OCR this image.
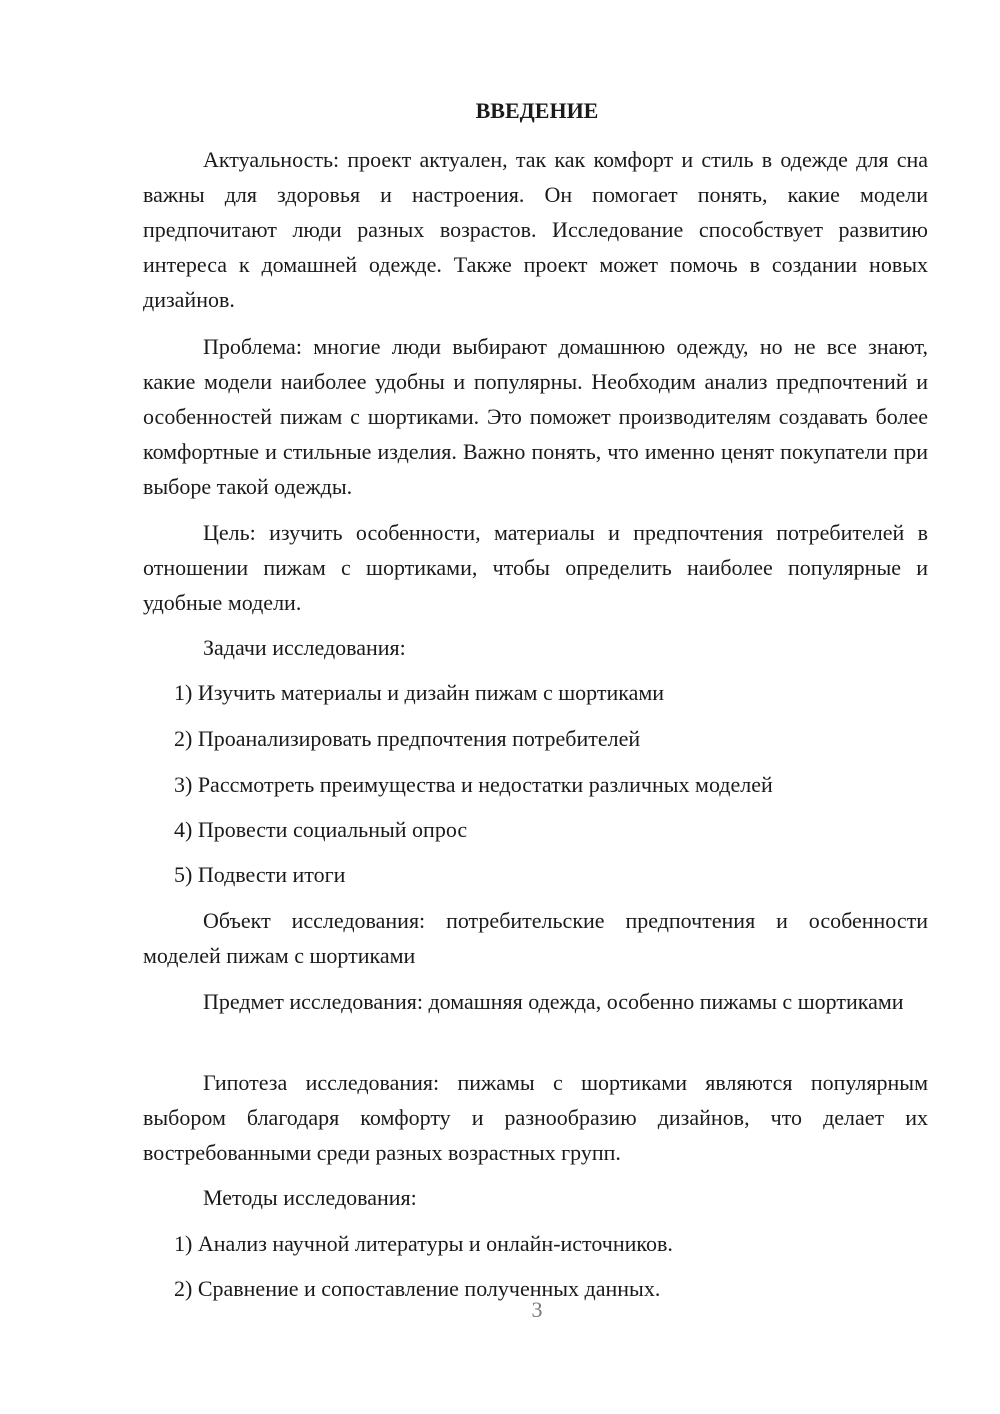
ВВЕДЕНИЕ

Актуальность: проект актуален, так как комфорт и стиль в одежде для сна важны для здоровья и настроения. Он помогает понять, какие модели предпочитают люди разных возрастов. Исследование способствует развитию интереса к домашней одежде. Также проект может помочь в создании новых дизайнов.

Проблема: многие люди выбирают домашнюю одежду, но не все знают, какие модели наиболее удобны и популярны. Необходим анализ предпочтений и особенностей пижам с шортиками. Это поможет производителям создавать более комфортные и стильные изделия. Важно понять, что именно ценят покупатели при выборе такой одежды.

Цель: изучить особенности, материалы и предпочтения потребителей в отношении пижам с шортиками, чтобы определить наиболее популярные и удобные модели.

Задачи исследования:
1) Изучить материалы и дизайн пижам с шортиками
2) Проанализировать предпочтения потребителей
3) Рассмотреть преимущества и недостатки различных моделей
4) Провести социальный опрос
5) Подвести итоги

Объект исследования: потребительские предпочтения и особенности моделей пижам с шортиками

Предмет исследования: домашняя одежда, особенно пижамы с шортиками

Гипотеза исследования: пижамы с шортиками являются популярным выбором благодаря комфорту и разнообразию дизайнов, что делает их востребованными среди разных возрастных групп.

Методы исследования:
1) Анализ научной литературы и онлайн-источников.
2) Сравнение и сопоставление полученных данных.
3
